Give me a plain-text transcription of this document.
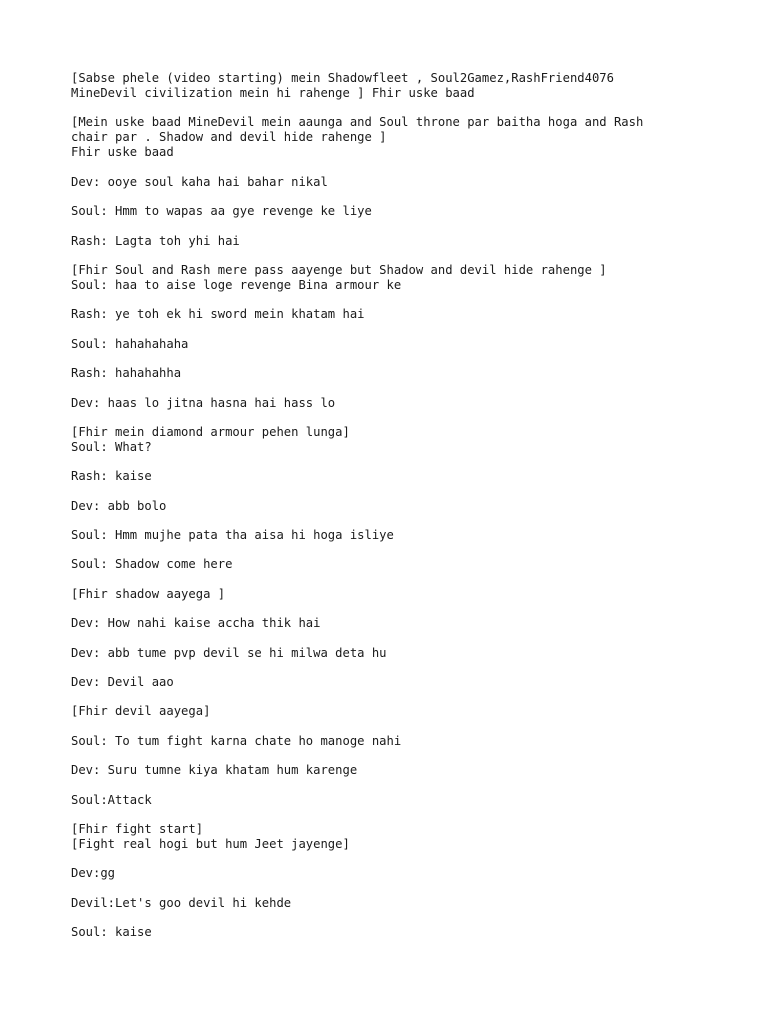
[Sabse phele (video starting) mein Shadowfleet , Soul2Gamez,RashFriend4076
MineDevil civilization mein hi rahenge ] Fhir uske baad
[Mein uske baad MineDevil mein aaunga and Soul throne par baitha hoga and Rash
chair par . Shadow and devil hide rahenge ]
Fhir uske baad
Dev: ooye soul kaha hai bahar nikal
Soul: Hmm to wapas aa gye revenge ke liye
Rash: Lagta toh yhi hai
[Fhir Soul and Rash mere pass aayenge but Shadow and devil hide rahenge ]
Soul: haa to aise loge revenge Bina armour ke
Rash: ye toh ek hi sword mein khatam hai
Soul: hahahahaha
Rash: hahahahha
Dev: haas lo jitna hasna hai hass lo
[Fhir mein diamond armour pehen lunga]
Soul: What?
Rash: kaise
Dev: abb bolo
Soul: Hmm mujhe pata tha aisa hi hoga isliye
Soul: Shadow come here
[Fhir shadow aayega ]
Dev: How nahi kaise accha thik hai
Dev: abb tume pvp devil se hi milwa deta hu
Dev: Devil aao
[Fhir devil aayega]
Soul: To tum fight karna chate ho manoge nahi
Dev: Suru tumne kiya khatam hum karenge
Soul:Attack
[Fhir fight start]
[Fight real hogi but hum Jeet jayenge]
Dev:gg
Devil:Let's goo devil hi kehde
Soul: kaise
